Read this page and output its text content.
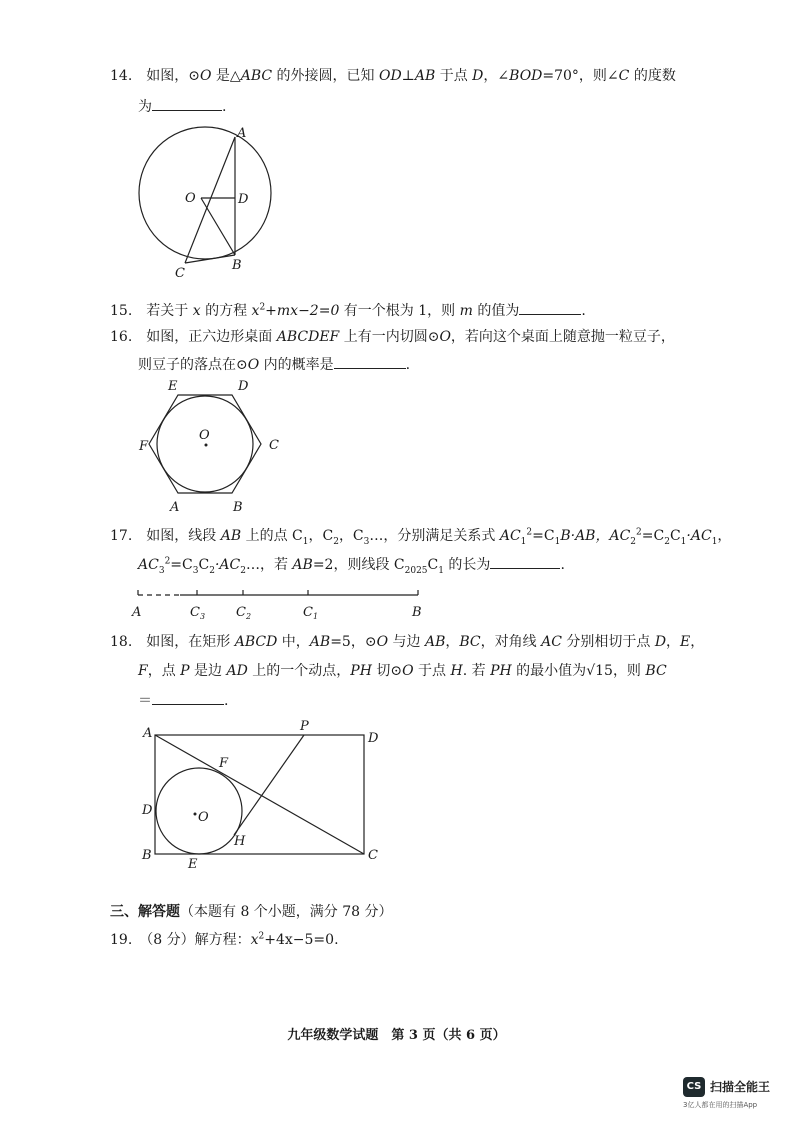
14.　 如图，⊙O 是△ABC 的外接圆，已知 OD⊥AB 于点 D，∠BOD=70°，则∠C 的度数
为	.
A
O	D
C
B
15.　 若关于 x 的方程 $x^2+mx-2=0$ 有一个根为 1，则 m 的值为	.
16.　 如图，正六边形桌面 ABCDEF 上有一内切圆⊙O，若向这个桌面上随意抛一粒豆子，
则豆子的落点在⊙O 内的概率是	.
E	D
F	C
O
A	B
17.　 如图，线段 AB 上的点 $C_1$，$C_2$，$C_3\dots$，分别满足关系式 $AC_1^2=C_1B\cdot AB$，$AC_2^2=C_2C_1\cdot AC_1$，
$AC_3^2=C_3C_2\cdot AC_2\dots$，若 AB=2，则线段 $C_{2025}C_1$ 的长为	.
A	$C_3$ $C_2$	$C_1$	B
18.　 如图，在矩形 ABCD 中，AB=5，⊙O 与边 AB，BC，对角线 AC 分别相切于点 D，E，
F，点 P 是边 AD 上的一个动点，PH 切⊙O 于点 H. 若 PH 的最小值为√15，则 BC
＝	.
A	P
D
F
D	O
H
B
E
C
三、解答题（本题有 8 个小题，满分 78 分）
19.　 （8 分）解方程：$x^2+4x-5=0$.
九年级数学试题　第 3 页（共 6 页）
CS 扫描全能王
3亿人都在用的扫描App
